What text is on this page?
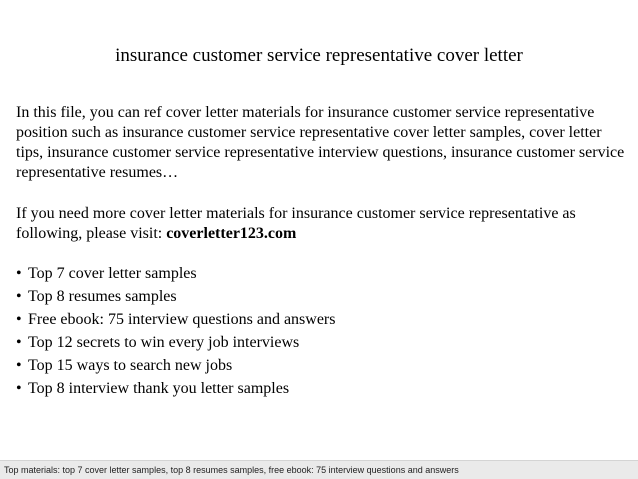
insurance customer service representative cover letter

In this file, you can ref cover letter materials for insurance customer service representative position such as insurance customer service representative cover letter samples, cover letter tips, insurance customer service representative interview questions, insurance customer service representative resumes…

If you need more cover letter materials for insurance customer service representative as following, please visit: coverletter123.com

• Top 7 cover letter samples
• Top 8 resumes samples
• Free ebook: 75 interview questions and answers
• Top 12 secrets to win every job interviews
• Top 15 ways to search new jobs
• Top 8 interview thank you letter samples
Top materials: top 7 cover letter samples, top 8 resumes samples, free ebook: 75 interview questions and answers
